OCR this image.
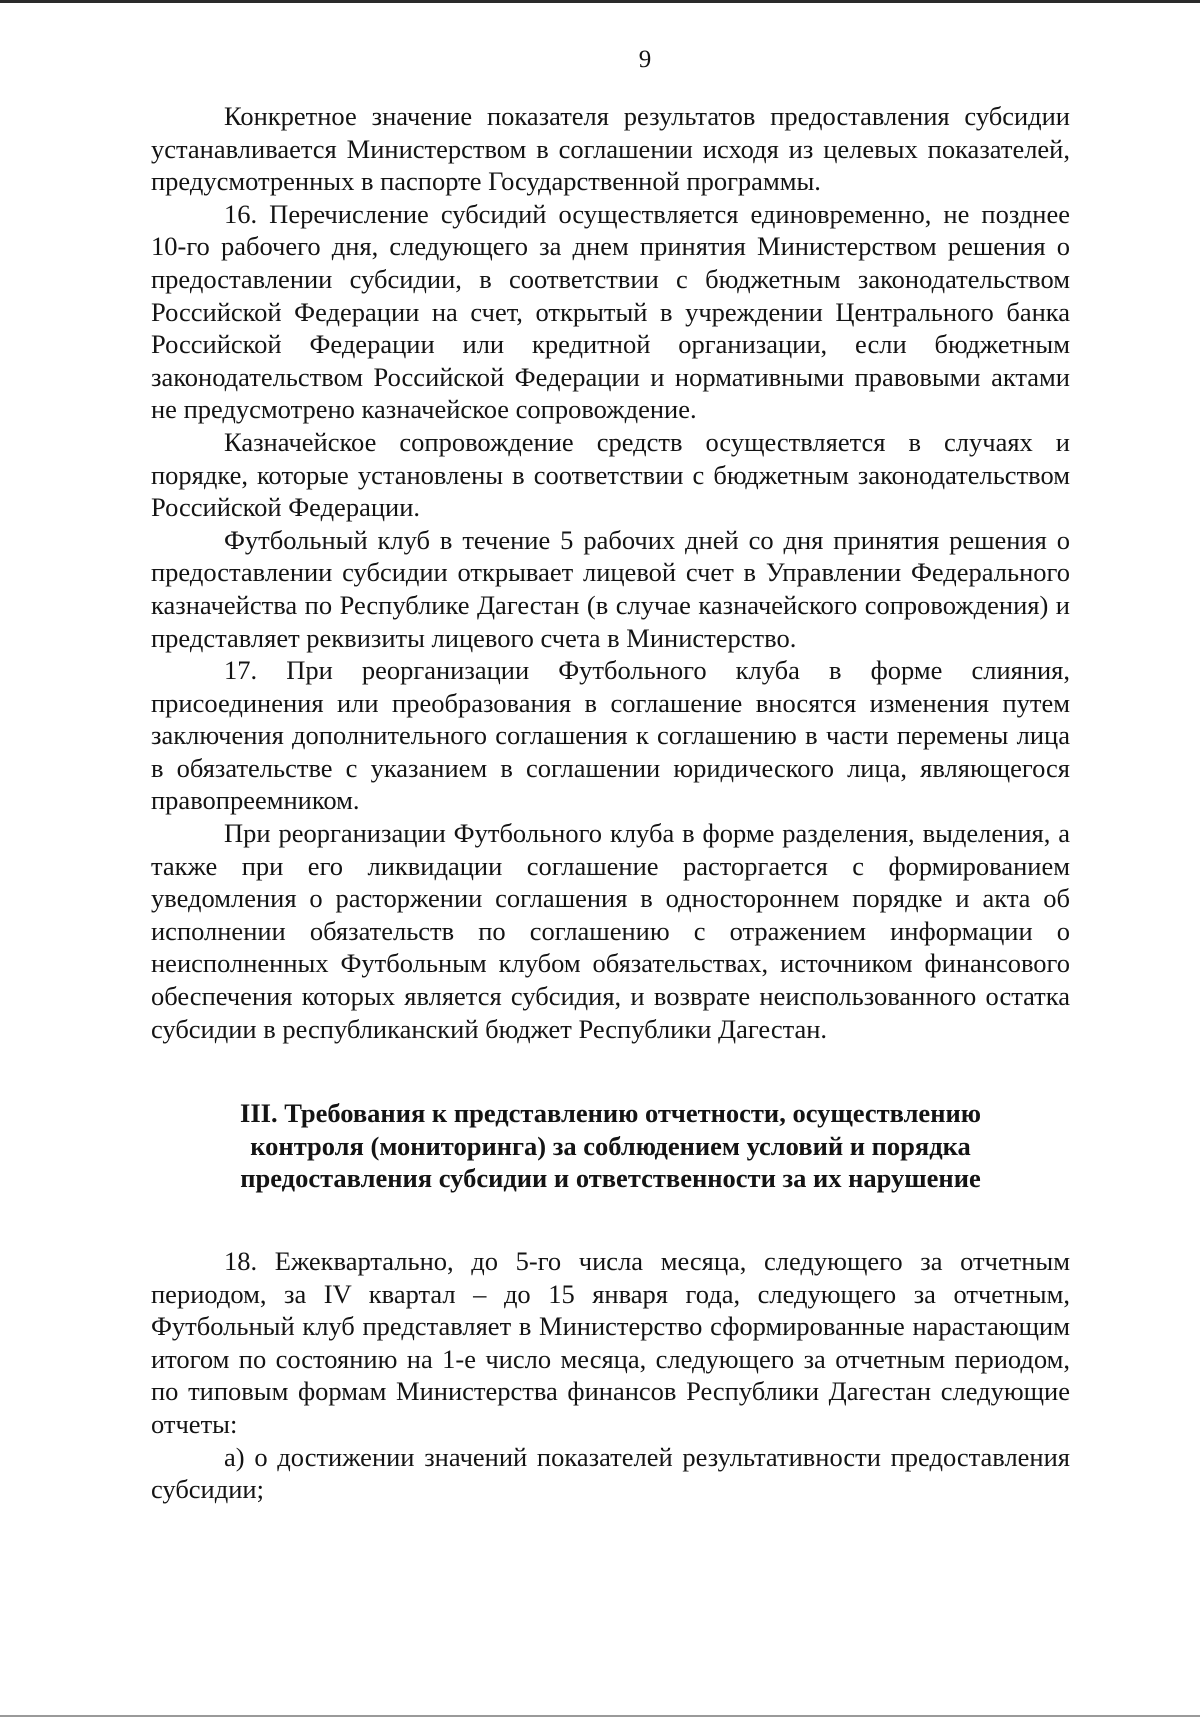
9

Конкретное значение показателя результатов предоставления субсидии устанавливается Министерством в соглашении исходя из целевых показателей, предусмотренных в паспорте Государственной программы.

16. Перечисление субсидий осуществляется единовременно, не позднее 10-го рабочего дня, следующего за днем принятия Министерством решения о предоставлении субсидии, в соответствии с бюджетным законодательством Российской Федерации на счет, открытый в учреждении Центрального банка Российской Федерации или кредитной организации, если бюджетным законодательством Российской Федерации и нормативными правовыми актами не предусмотрено казначейское сопровождение.

Казначейское сопровождение средств осуществляется в случаях и порядке, которые установлены в соответствии с бюджетным законодательством Российской Федерации.

Футбольный клуб в течение 5 рабочих дней со дня принятия решения о предоставлении субсидии открывает лицевой счет в Управлении Федерального казначейства по Республике Дагестан (в случае казначейского сопровождения) и представляет реквизиты лицевого счета в Министерство.

17. При реорганизации Футбольного клуба в форме слияния, присоединения или преобразования в соглашение вносятся изменения путем заключения дополнительного соглашения к соглашению в части перемены лица в обязательстве с указанием в соглашении юридического лица, являющегося правопреемником.

При реорганизации Футбольного клуба в форме разделения, выделения, а также при его ликвидации соглашение расторгается с формированием уведомления о расторжении соглашения в одностороннем порядке и акта об исполнении обязательств по соглашению с отражением информации о неисполненных Футбольным клубом обязательствах, источником финансового обеспечения которых является субсидия, и возврате неиспользованного остатка субсидии в республиканский бюджет Республики Дагестан.

III. Требования к представлению отчетности, осуществлению контроля (мониторинга) за соблюдением условий и порядка предоставления субсидии и ответственности за их нарушение

18. Ежеквартально, до 5-го числа месяца, следующего за отчетным периодом, за IV квартал – до 15 января года, следующего за отчетным, Футбольный клуб представляет в Министерство сформированные нарастающим итогом по состоянию на 1-е число месяца, следующего за отчетным периодом, по типовым формам Министерства финансов Республики Дагестан следующие отчеты:

а) о достижении значений показателей результативности предоставления субсидии;
